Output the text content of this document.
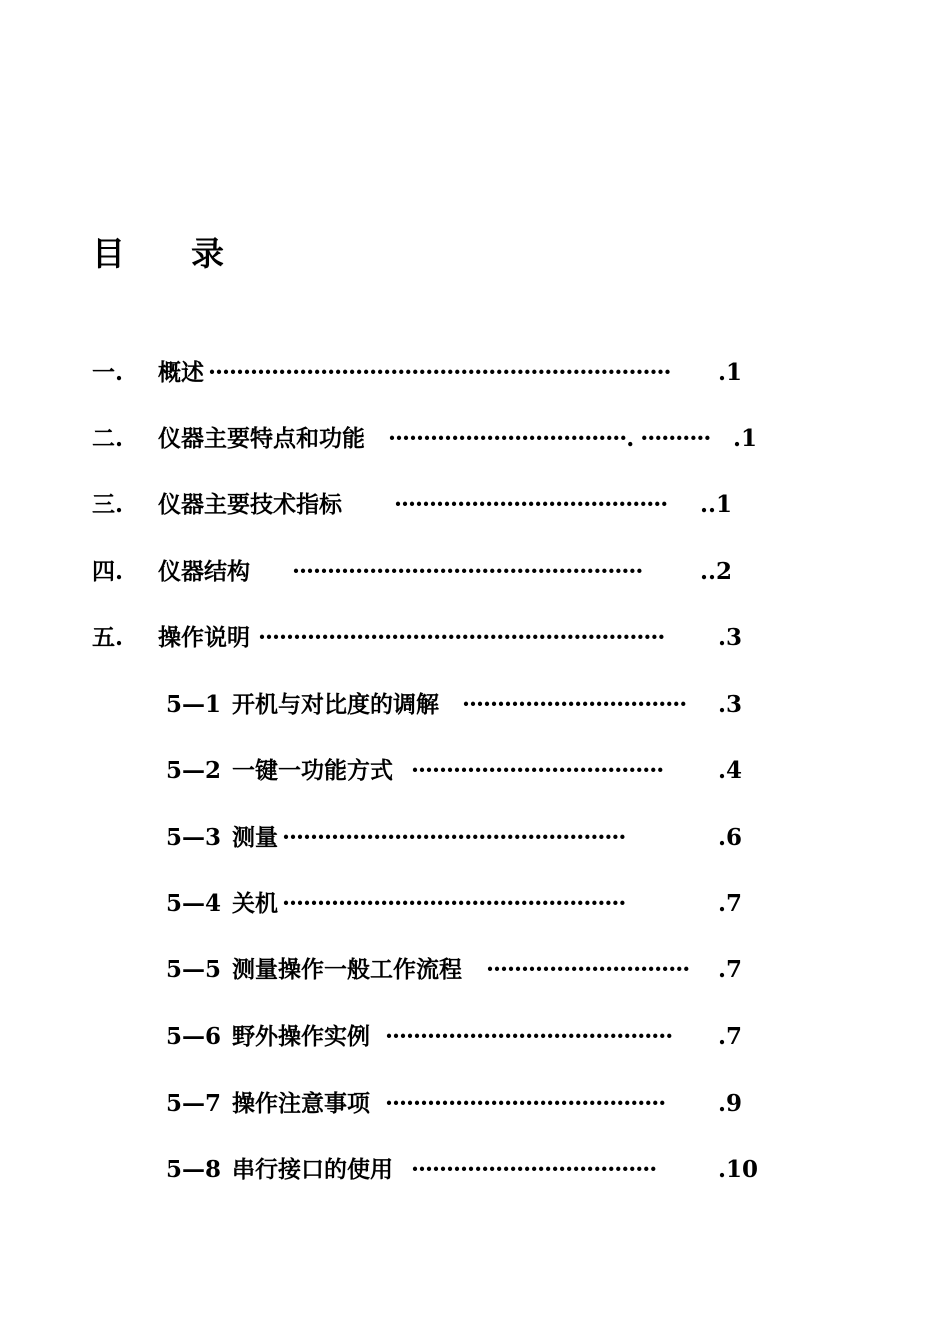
目　　录
一. 概述 ··································································	.1
二. 仪器主要特点和功能 ··································. ·········· .1
三. 仪器主要技术指标 ·······································	..1
四. 仪器结构 ··················································	..2
五. 操作说明 ··························································	.3
5—1 开机与对比度的调解 ································	.3
5—2 一键一功能方式 ····································	.4
5—3 测量 ·················································	.6
5—4 关机 ·················································	.7
5—5 测量操作一般工作流程 ·····························	.7
5—6 野外操作实例 ·········································	.7
5—7 操作注意事项 ········································	.9
5—8 串行接口的使用 ···································	.10
